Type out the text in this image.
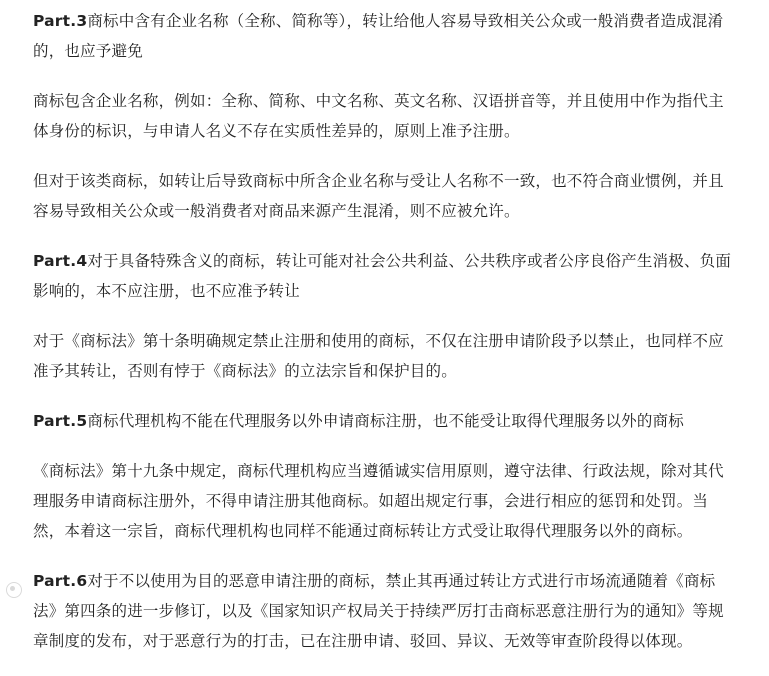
Part.3商标中含有企业名称（全称、简称等），转让给他人容易导致相关公众或一般消费者造成混淆的，也应予避免

商标包含企业名称，例如：全称、简称、中文名称、英文名称、汉语拼音等，并且使用中作为指代主体身份的标识，与申请人名义不存在实质性差异的，原则上准予注册。

但对于该类商标，如转让后导致商标中所含企业名称与受让人名称不一致，也不符合商业惯例，并且容易导致相关公众或一般消费者对商品来源产生混淆，则不应被允许。

Part.4对于具备特殊含义的商标，转让可能对社会公共利益、公共秩序或者公序良俗产生消极、负面影响的，本不应注册，也不应准予转让

对于《商标法》第十条明确规定禁止注册和使用的商标，不仅在注册申请阶段予以禁止，也同样不应准予其转让，否则有悖于《商标法》的立法宗旨和保护目的。

Part.5商标代理机构不能在代理服务以外申请商标注册，也不能受让取得代理服务以外的商标

《商标法》第十九条中规定，商标代理机构应当遵循诚实信用原则，遵守法律、行政法规，除对其代理服务申请商标注册外，不得申请注册其他商标。如超出规定行事，会进行相应的惩罚和处罚。当然，本着这一宗旨，商标代理机构也同样不能通过商标转让方式受让取得代理服务以外的商标。

Part.6对于不以使用为目的恶意申请注册的商标，禁止其再通过转让方式进行市场流通随着《商标法》第四条的进一步修订，以及《国家知识产权局关于持续严厉打击商标恶意注册行为的通知》等规章制度的发布，对于恶意行为的打击，已在注册申请、驳回、异议、无效等审查阶段得以体现。
